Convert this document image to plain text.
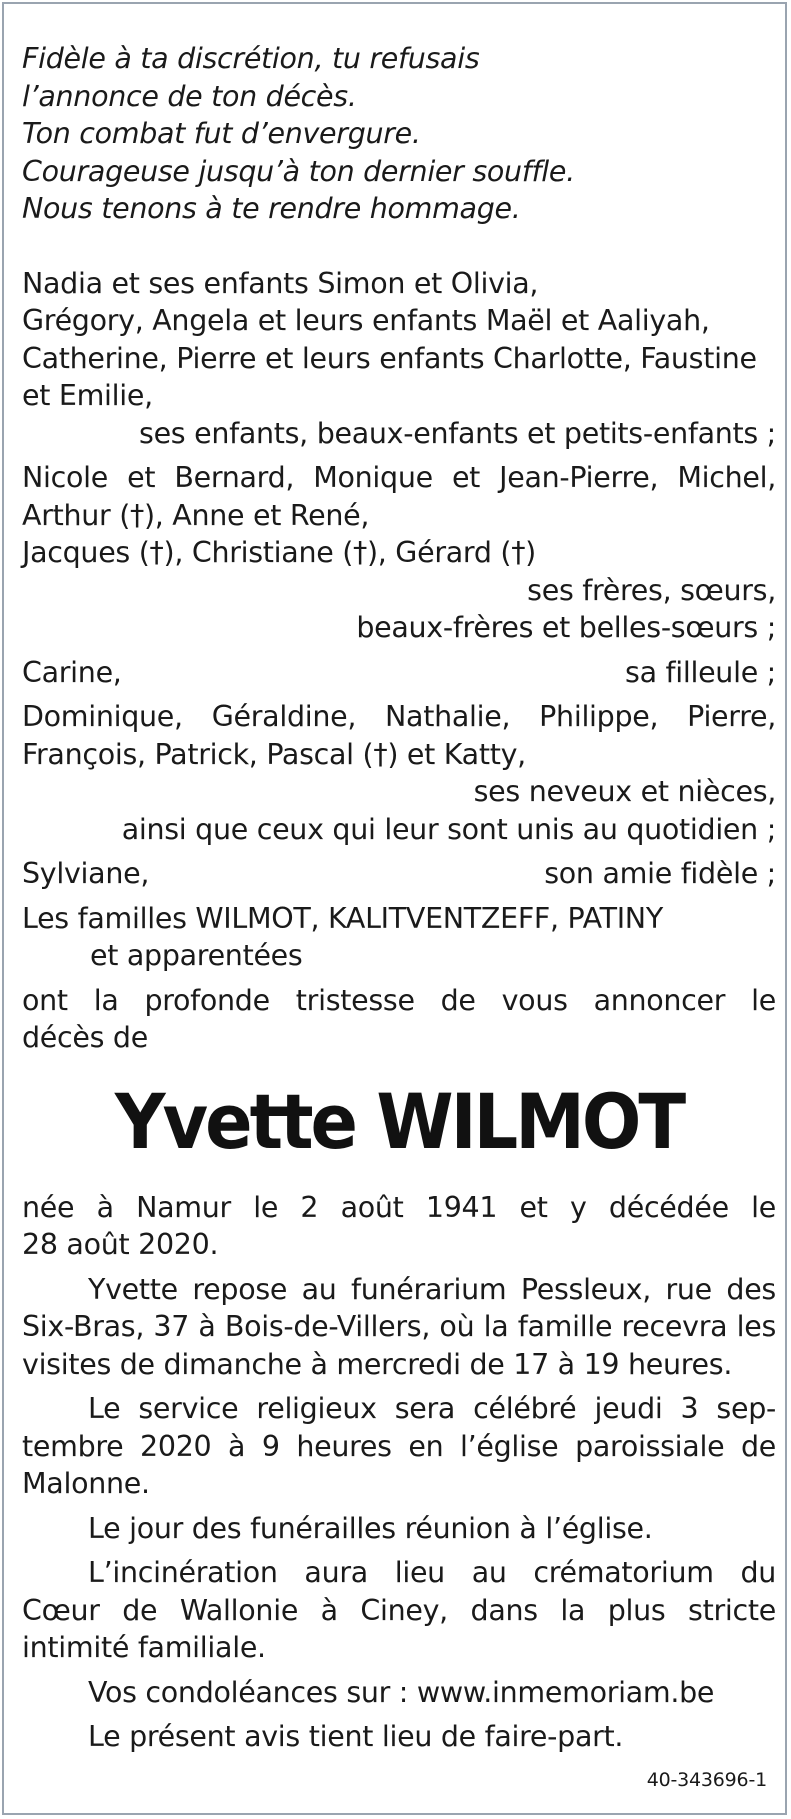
Fidèle à ta discrétion, tu refusais
l’annonce de ton décès.
Ton combat fut d’envergure.
Courageuse jusqu’à ton dernier souffle.
Nous tenons à te rendre hommage.
Nadia et ses enfants Simon et Olivia,
Grégory, Angela et leurs enfants Maël et Aaliyah,
Catherine, Pierre et leurs enfants Charlotte, Faustine
et Emilie,
ses enfants, beaux-enfants et petits-enfants ;
Nicole et Bernard, Monique et Jean-Pierre, Michel,
Arthur (†), Anne et René,
Jacques (†), Christiane (†), Gérard (†)
ses frères, sœurs,
beaux-frères et belles-sœurs ;
Carine,	sa filleule ;
Dominique, Géraldine, Nathalie, Philippe, Pierre,
François, Patrick, Pascal (†) et Katty,
ses neveux et nièces,
ainsi que ceux qui leur sont unis au quotidien ;
Sylviane,	son amie fidèle ;
Les familles WILMOT, KALITVENTZEFF, PATINY
et apparentées
ont la profonde tristesse de vous annoncer le
décès de
Yvette WILMOT
née à Namur le 2 août 1941 et y décédée le
28 août 2020.
Yvette repose au funérarium Pessleux, rue des
Six-Bras, 37 à Bois-de-Villers, où la famille recevra les
visites de dimanche à mercredi de 17 à 19 heures.
Le service religieux sera célébré jeudi 3 sep-
tembre 2020 à 9 heures en l’église paroissiale de
Malonne.
Le jour des funérailles réunion à l’église.
L’incinération aura lieu au crématorium du
Cœur de Wallonie à Ciney, dans la plus stricte
intimité familiale.
Vos condoléances sur : www.inmemoriam.be
Le présent avis tient lieu de faire-part.
40-343696-1
